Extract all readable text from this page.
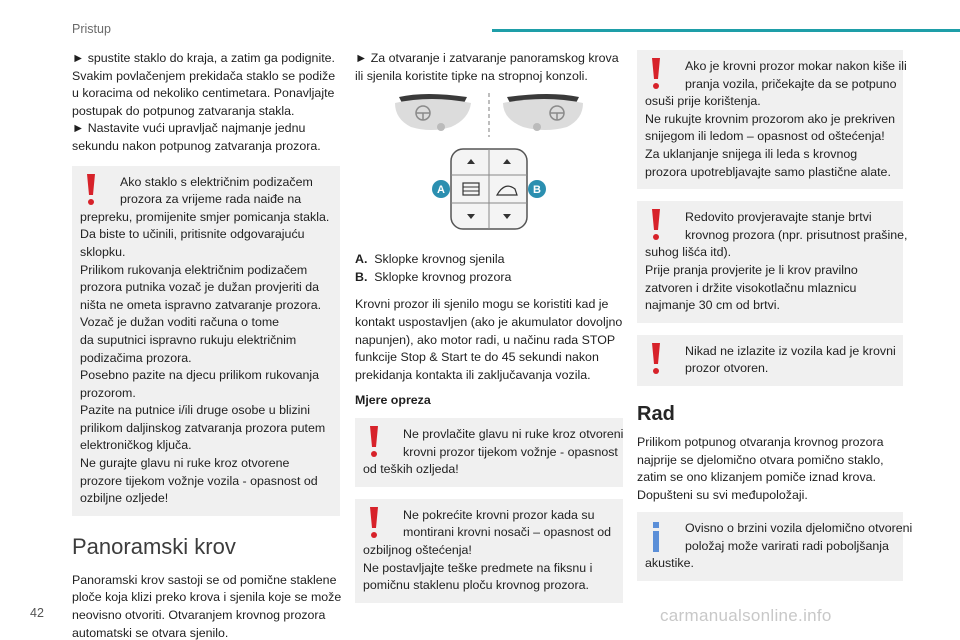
Pristup
► spustite staklo do kraja, a zatim ga podignite.
Svakim povlačenjem prekidača staklo se podiže
u koracima od nekoliko centimetara. Ponavljajte
postupak do potpunog zatvaranja stakla.
► Nastavite vući upravljač najmanje jednu
sekundu nakon potpunog zatvaranja prozora.
Ako staklo s električnim podizačem
prozora za vrijeme rada naiđe na
prepreku, promijenite smjer pomicanja stakla.
Da biste to učinili, pritisnite odgovarajuću
sklopku.
Prilikom rukovanja električnim podizačem
prozora putnika vozač je dužan provjeriti da
ništa ne ometa ispravno zatvaranje prozora.
Vozač je dužan voditi računa o tome
da suputnici ispravno rukuju električnim
podizačima prozora.
Posebno pazite na djecu prilikom rukovanja
prozorom.
Pazite na putnice i/ili druge osobe u blizini
prilikom daljinskog zatvaranja prozora putem
elektroničkog ključa.
Ne gurajte glavu ni ruke kroz otvorene
prozore tijekom vožnje vozila - opasnost od
ozbiljne ozljede!
Panoramski krov
Panoramski krov sastoji se od pomične staklene
ploče koja klizi preko krova i sjenila koje se može
neovisno otvoriti. Otvaranjem krovnog prozora
automatski se otvara sjenilo.
► Za otvaranje i zatvaranje panoramskog krova
ili sjenila koristite tipke na stropnoj konzoli.
A	B
A. Sklopke krovnog sjenila
B. Sklopke krovnog prozora
Krovni prozor ili sjenilo mogu se koristiti kad je
kontakt uspostavljen (ako je akumulator dovoljno
napunjen), ako motor radi, u načinu rada STOP
funkcije Stop & Start te do 45 sekundi nakon
prekidanja kontakta ili zaključavanja vozila.
Mjere opreza
Ne provlačite glavu ni ruke kroz otvoreni
krovni prozor tijekom vožnje - opasnost
od teških ozljeda!
Ne pokrećite krovni prozor kada su
montirani krovni nosači – opasnost od
ozbiljnog oštećenja!
Ne postavljajte teške predmete na fiksnu i
pomičnu staklenu ploču krovnog prozora.
Ako je krovni prozor mokar nakon kiše ili
pranja vozila, pričekajte da se potpuno
osuši prije korištenja.
Ne rukujte krovnim prozorom ako je prekriven
snijegom ili ledom – opasnost od oštećenja!
Za uklanjanje snijega ili leda s krovnog
prozora upotrebljavajte samo plastične alate.
Redovito provjeravajte stanje brtvi
krovnog prozora (npr. prisutnost prašine,
suhog lišća itd).
Prije pranja provjerite je li krov pravilno
zatvoren i držite visokotlačnu mlaznicu
najmanje 30 cm od brtvi.
Nikad ne izlazite iz vozila kad je krovni
prozor otvoren.
Rad
Prilikom potpunog otvaranja krovnog prozora
najprije se djelomično otvara pomično staklo,
zatim se ono klizanjem pomiče iznad krova.
Dopušteni su svi međupoložaji.
Ovisno o brzini vozila djelomično otvoreni
položaj može varirati radi poboljšanja
akustike.
42	carmanualsonline.info
